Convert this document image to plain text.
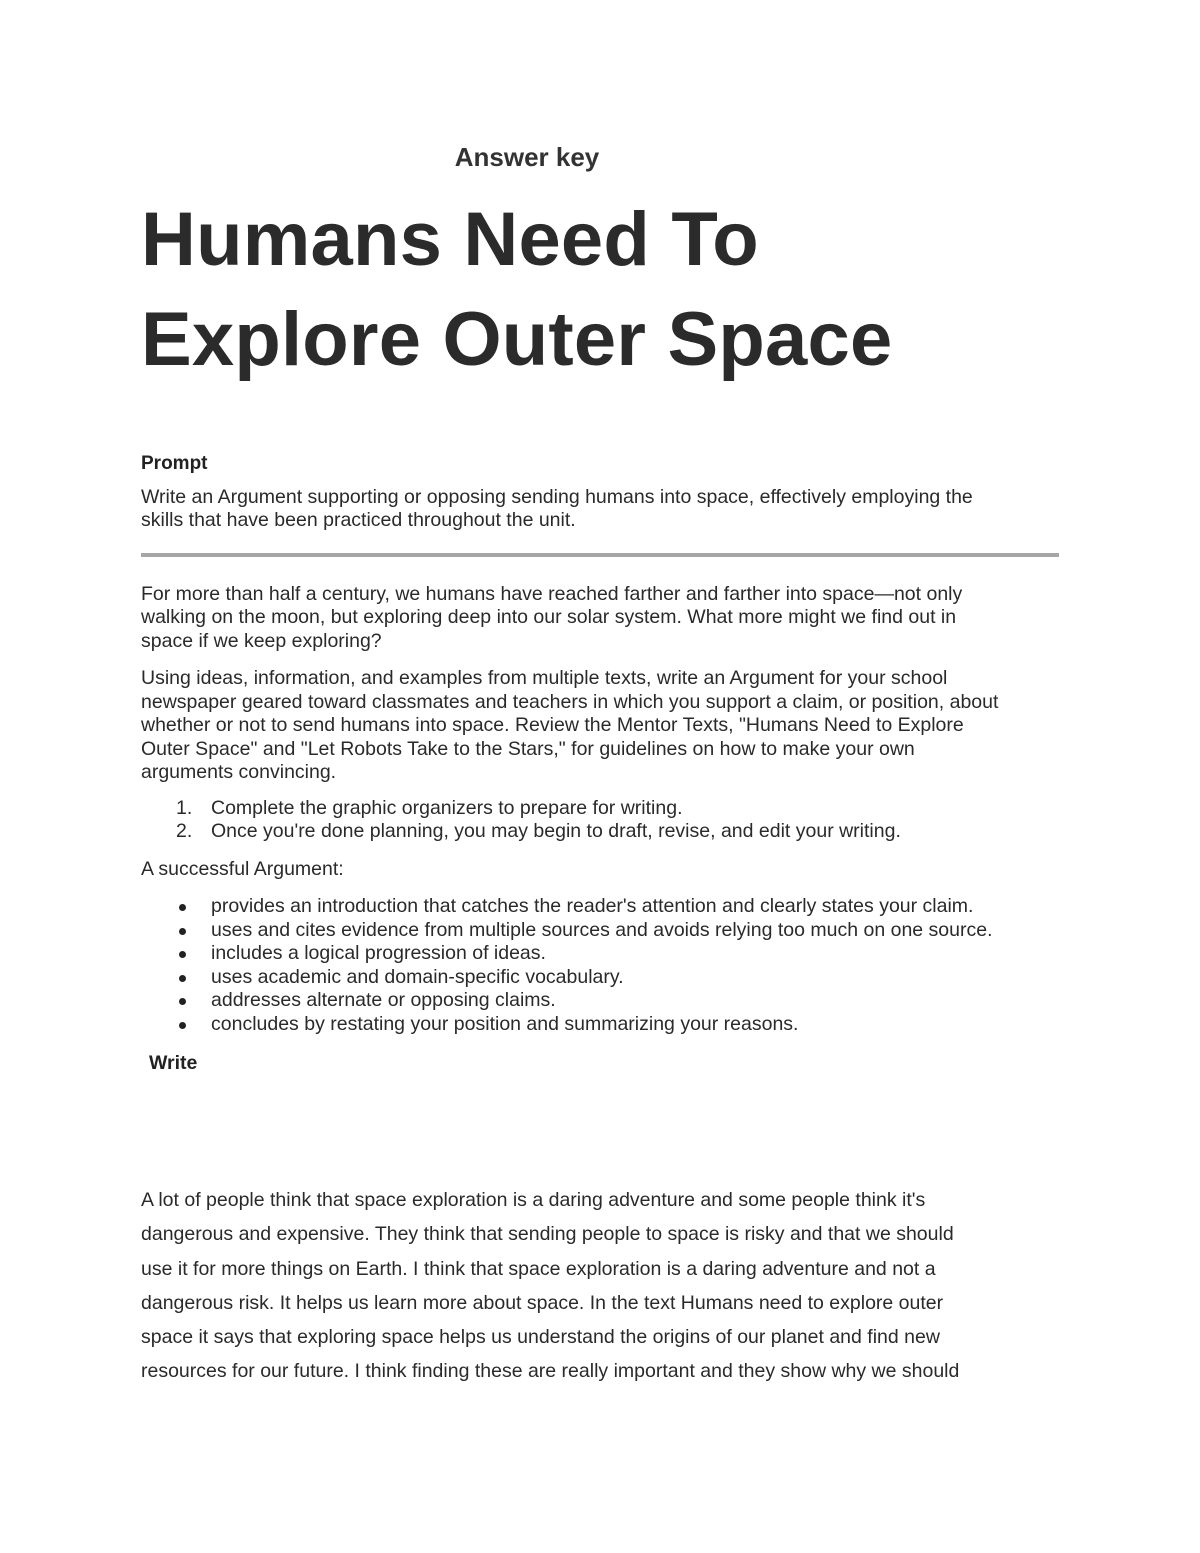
Answer key
Humans Need To
Explore Outer Space
Prompt

Write an Argument supporting or opposing sending humans into space, effectively employing the
skills that have been practiced throughout the unit.

For more than half a century, we humans have reached farther and farther into space—not only
walking on the moon, but exploring deep into our solar system. What more might we find out in
space if we keep exploring?

Using ideas, information, and examples from multiple texts, write an Argument for your school
newspaper geared toward classmates and teachers in which you support a claim, or position, about
whether or not to send humans into space. Review the Mentor Texts, "Humans Need to Explore
Outer Space" and "Let Robots Take to the Stars," for guidelines on how to make your own
arguments convincing.

1. Complete the graphic organizers to prepare for writing.
2. Once you're done planning, you may begin to draft, revise, and edit your writing.

A successful Argument:

provides an introduction that catches the reader's attention and clearly states your claim.
uses and cites evidence from multiple sources and avoids relying too much on one source.
includes a logical progression of ideas.
uses academic and domain-specific vocabulary.
addresses alternate or opposing claims.
concludes by restating your position and summarizing your reasons.
Write
A lot of people think that space exploration is a daring adventure and some people think it's
dangerous and expensive. They think that sending people to space is risky and that we should
use it for more things on Earth. I think that space exploration is a daring adventure and not a
dangerous risk. It helps us learn more about space. In the text Humans need to explore outer
space it says that exploring space helps us understand the origins of our planet and find new
resources for our future. I think finding these are really important and they show why we should
